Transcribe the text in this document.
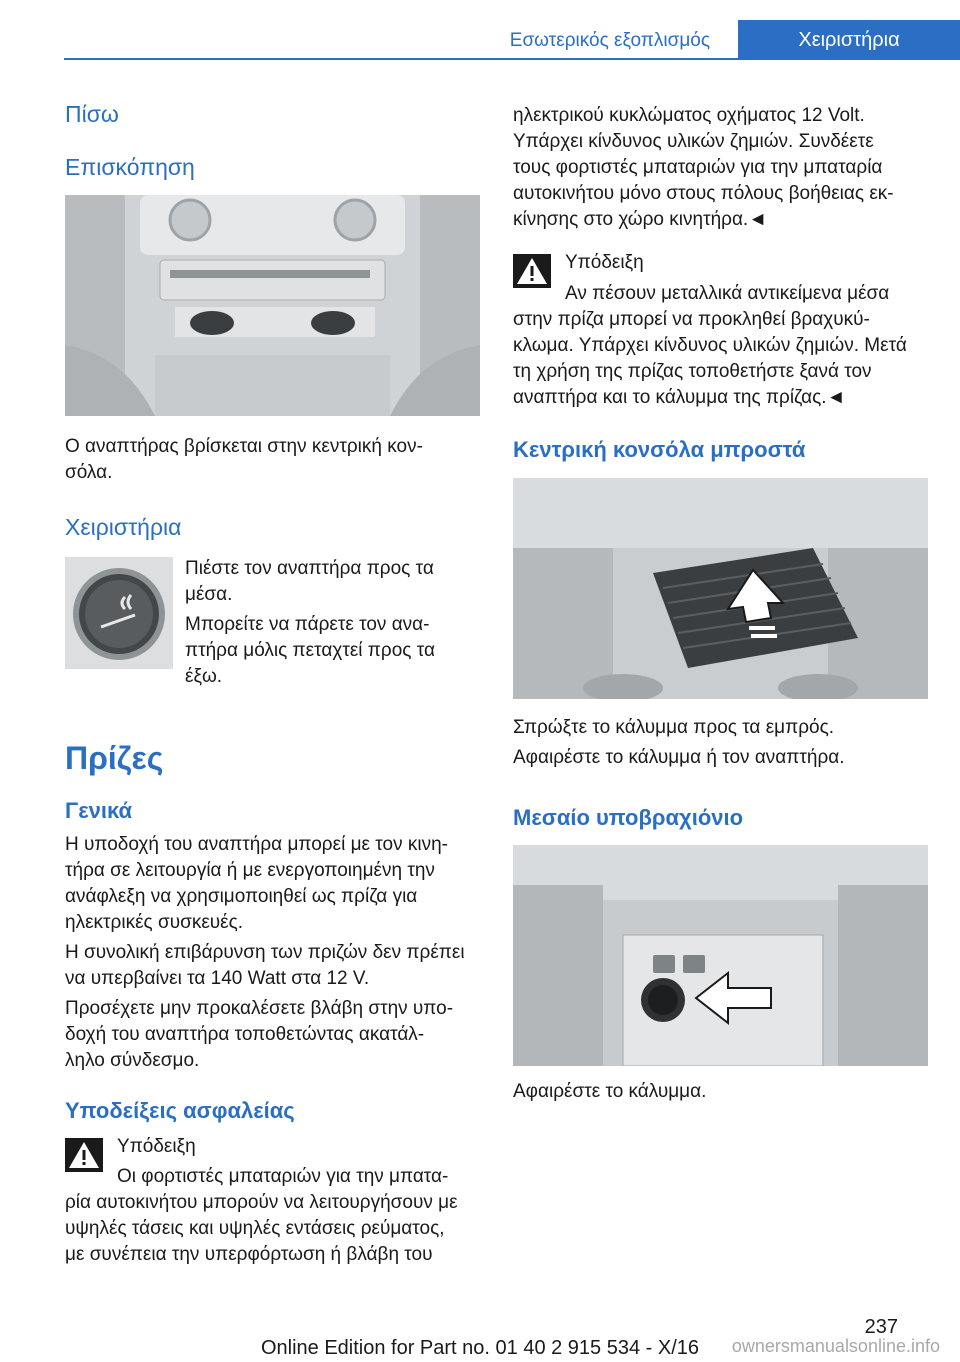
Εσωτερικός εξοπλισμός	Χειριστήρια
Πίσω
Επισκόπηση
Ο αναπτήρας βρίσκεται στην κεντρική κον-
σόλα.
Χειριστήρια
Πιέστε τον αναπτήρα προς τα
μέσα.
Μπορείτε να πάρετε τον ανα-
πτήρα μόλις πεταχτεί προς τα
έξω.
Πρίζες
Γενικά
Η υποδοχή του αναπτήρα μπορεί με τον κινη-
τήρα σε λειτουργία ή με ενεργοποιημένη την
ανάφλεξη να χρησιμοποιηθεί ως πρίζα για
ηλεκτρικές συσκευές.
Η συνολική επιβάρυνση των πριζών δεν πρέπει
να υπερβαίνει τα 140 Watt στα 12 V.
Προσέχετε μην προκαλέσετε βλάβη στην υπο-
δοχή του αναπτήρα τοποθετώντας ακατάλ-
ληλο σύνδεσμο.
Υποδείξεις ασφαλείας
Υπόδειξη
Οι φορτιστές μπαταριών για την μπατα-
ρία αυτοκινήτου μπορούν να λειτουργήσουν με
υψηλές τάσεις και υψηλές εντάσεις ρεύματος,
με συνέπεια την υπερφόρτωση ή βλάβη του
ηλεκτρικού κυκλώματος οχήματος 12 Volt.
Υπάρχει κίνδυνος υλικών ζημιών. Συνδέετε
τους φορτιστές μπαταριών για την μπαταρία
αυτοκινήτου μόνο στους πόλους βοήθειας εκ-
κίνησης στο χώρο κινητήρα.◄
Υπόδειξη
Αν πέσουν μεταλλικά αντικείμενα μέσα
στην πρίζα μπορεί να προκληθεί βραχυκύ-
κλωμα. Υπάρχει κίνδυνος υλικών ζημιών. Μετά
τη χρήση της πρίζας τοποθετήστε ξανά τον
αναπτήρα και το κάλυμμα της πρίζας.◄
Κεντρική κονσόλα μπροστά
Σπρώξτε το κάλυμμα προς τα εμπρός.
Αφαιρέστε το κάλυμμα ή τον αναπτήρα.
Μεσαίο υποβραχιόνιο
Αφαιρέστε το κάλυμμα.
237
Online Edition for Part no. 01 40 2 915 534 - X/16	ownersmanualsonline.info
